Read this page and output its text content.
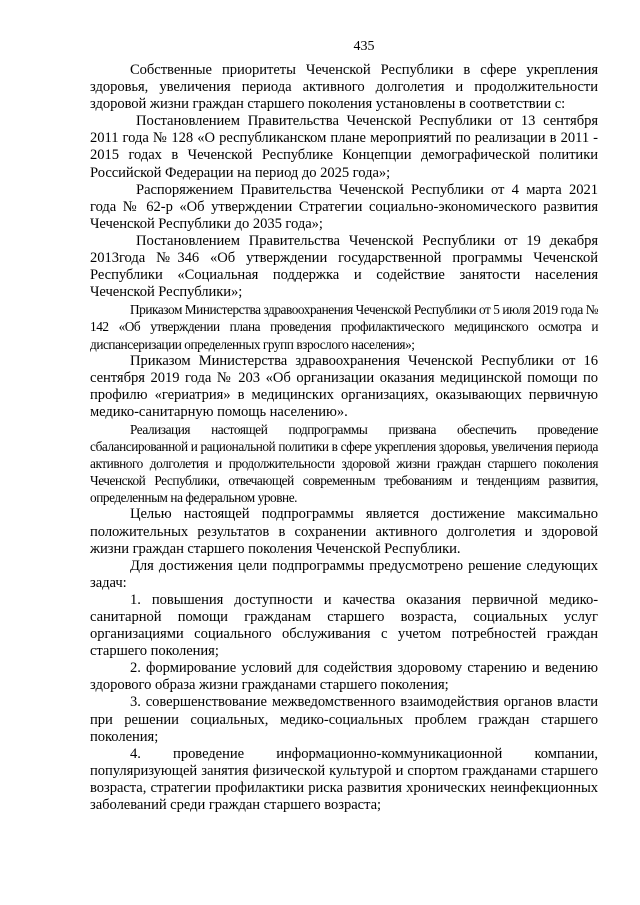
435

Собственные приоритеты Чеченской Республики в сфере укрепления здоровья, увеличения периода активного долголетия и продолжительности здоровой жизни граждан старшего поколения установлены в соответствии с:

Постановлением Правительства Чеченской Республики от 13 сентября 2011 года № 128 «О республиканском плане мероприятий по реализации в 2011 - 2015 годах в Чеченской Республике Концепции демографической политики Российской Федерации на период до 2025 года»;

Распоряжением Правительства Чеченской Республики от 4 марта 2021 года № 62-р «Об утверждении Стратегии социально-экономического развития Чеченской Республики до 2035 года»;

Постановлением Правительства Чеченской Республики от 19 декабря 2013года №346 «Об утверждении государственной программы Чеченской Республики «Социальная поддержка и содействие занятости населения Чеченской Республики»;

Приказом Министерства здравоохранения Чеченской Республики от 5 июля 2019 года № 142 «Об утверждении плана проведения профилактического медицинского осмотра и диспансеризации определенных групп взрослого населения»;

Приказом Министерства здравоохранения Чеченской Республики от 16 сентября 2019 года № 203 «Об организации оказания медицинской помощи по профилю «гериатрия» в медицинских организациях, оказывающих первичную медико-санитарную помощь населению».

Реализация настоящей подпрограммы призвана обеспечить проведение сбалансированной и рациональной политики в сфере укрепления здоровья, увеличения периода активного долголетия и продолжительности здоровой жизни граждан старшего поколения Чеченской Республики, отвечающей современным требованиям и тенденциям развития, определенным на федеральном уровне.

Целью настоящей подпрограммы является достижение максимально положительных результатов в сохранении активного долголетия и здоровой жизни граждан старшего поколения Чеченской Республики.

Для достижения цели подпрограммы предусмотрено решение следующих задач:

1. повышения доступности и качества оказания первичной медико-санитарной помощи гражданам старшего возраста, социальных услуг организациями социального обслуживания с учетом потребностей граждан старшего поколения;

2. формирование условий для содействия здоровому старению и ведению здорового образа жизни гражданами старшего поколения;

3. совершенствование межведомственного взаимодействия органов власти при решении социальных, медико-социальных проблем граждан старшего поколения;

4. проведение информационно-коммуникационной компании, популяризующей занятия физической культурой и спортом гражданами старшего возраста, стратегии профилактики риска развития хронических неинфекционных заболеваний среди граждан старшего возраста;
